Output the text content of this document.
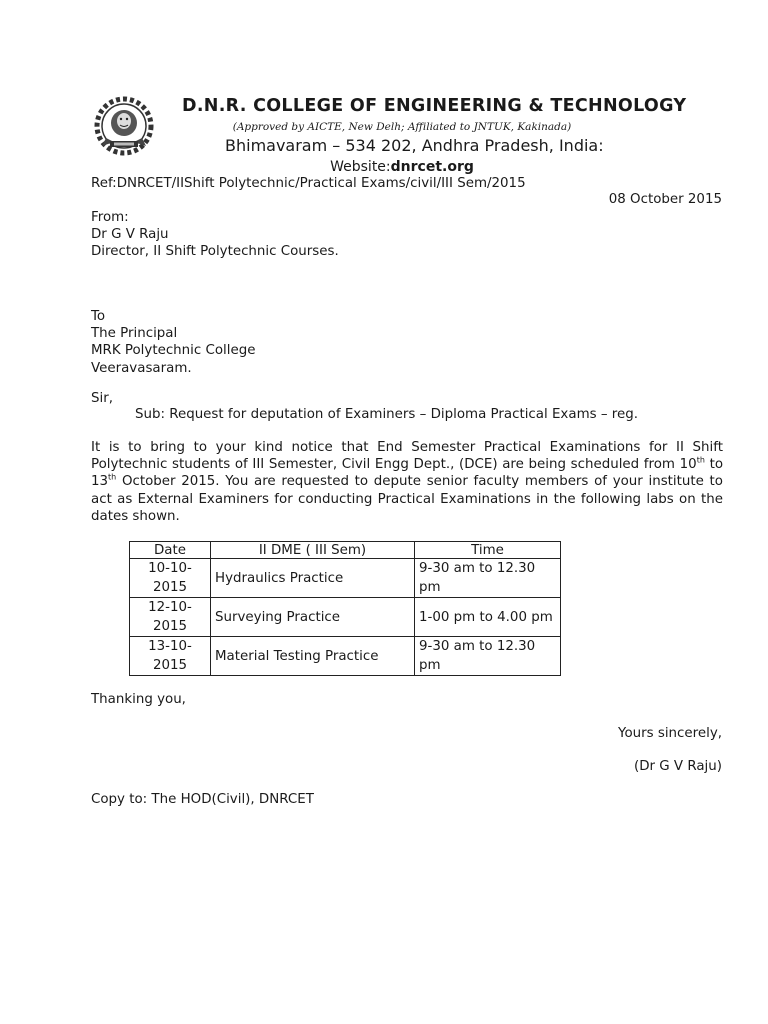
D.N.R. COLLEGE OF ENGINEERING & TECHNOLOGY
(Approved by AICTE, New Delh; Affiliated to JNTUK, Kakinada)
Bhimavaram – 534 202, Andhra Pradesh, India:
Website:dnrcet.org
Ref:DNRCET/IIShift Polytechnic/Practical Exams/civil/III Sem/2015
08 October 2015
From:
Dr G V Raju
Director, II Shift Polytechnic Courses.
To
The Principal
MRK Polytechnic College
Veeravasaram.
Sir,
Sub: Request for deputation of Examiners – Diploma Practical Exams – reg.
It is to bring to your kind notice that End Semester Practical Examinations for II Shift Polytechnic students of III Semester, Civil Engg Dept., (DCE) are being scheduled from 10th to 13th October 2015. You are requested to depute senior faculty members of your institute to act as External Examiners for conducting Practical Examinations in the following labs on the dates shown.
Date	II DME ( III Sem)	Time
10-10-2015	Hydraulics Practice	9-30 am to 12.30 pm
12-10-2015	Surveying Practice	1-00 pm to 4.00 pm
13-10-2015	Material Testing Practice	9-30 am to 12.30 pm
Thanking you,
Yours sincerely,
(Dr G V Raju)
Copy to: The HOD(Civil), DNRCET
